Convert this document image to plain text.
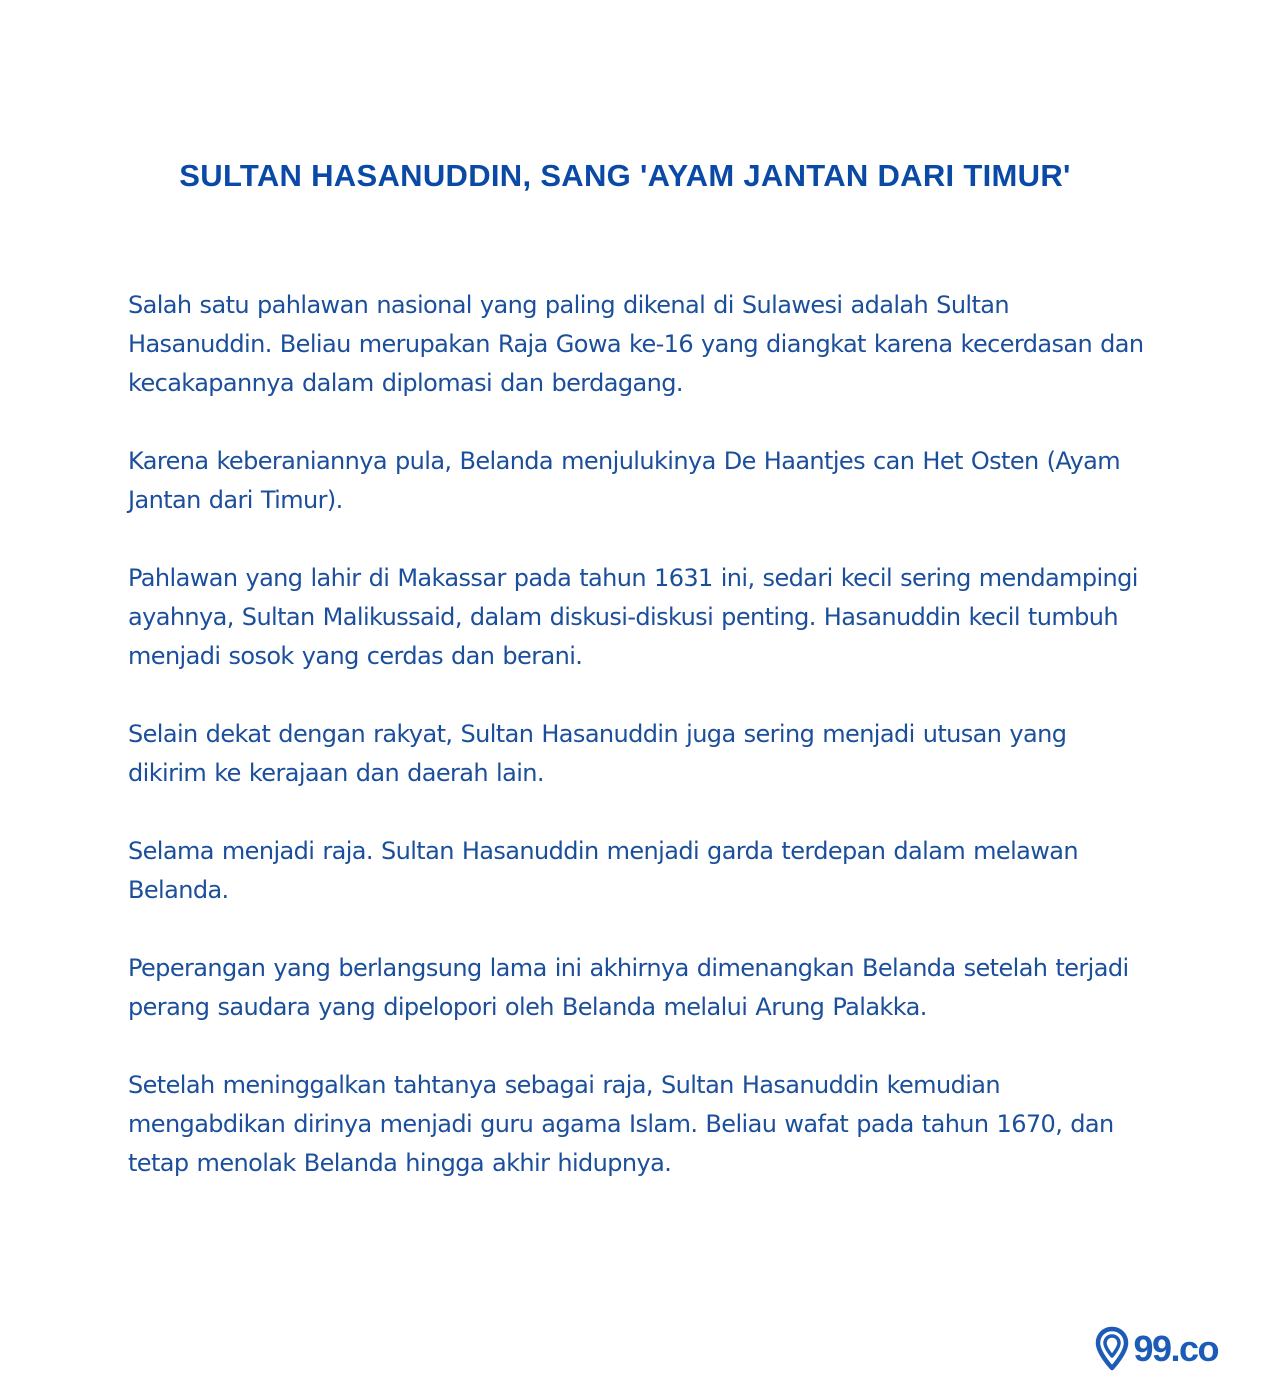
SULTAN HASANUDDIN, SANG 'AYAM JANTAN DARI TIMUR'

Salah satu pahlawan nasional yang paling dikenal di Sulawesi adalah Sultan Hasanuddin. Beliau merupakan Raja Gowa ke-16 yang diangkat karena kecerdasan dan kecakapannya dalam diplomasi dan berdagang.

Karena keberaniannya pula, Belanda menjulukinya De Haantjes can Het Osten (Ayam Jantan dari Timur).

Pahlawan yang lahir di Makassar pada tahun 1631 ini, sedari kecil sering mendampingi ayahnya, Sultan Malikussaid, dalam diskusi-diskusi penting. Hasanuddin kecil tumbuh menjadi sosok yang cerdas dan berani.

Selain dekat dengan rakyat, Sultan Hasanuddin juga sering menjadi utusan yang dikirim ke kerajaan dan daerah lain.

Selama menjadi raja. Sultan Hasanuddin menjadi garda terdepan dalam melawan Belanda.

Peperangan yang berlangsung lama ini akhirnya dimenangkan Belanda setelah terjadi perang saudara yang dipelopori oleh Belanda melalui Arung Palakka.

Setelah meninggalkan tahtanya sebagai raja, Sultan Hasanuddin kemudian mengabdikan dirinya menjadi guru agama Islam. Beliau wafat pada tahun 1670, dan tetap menolak Belanda hingga akhir hidupnya.

99.co
